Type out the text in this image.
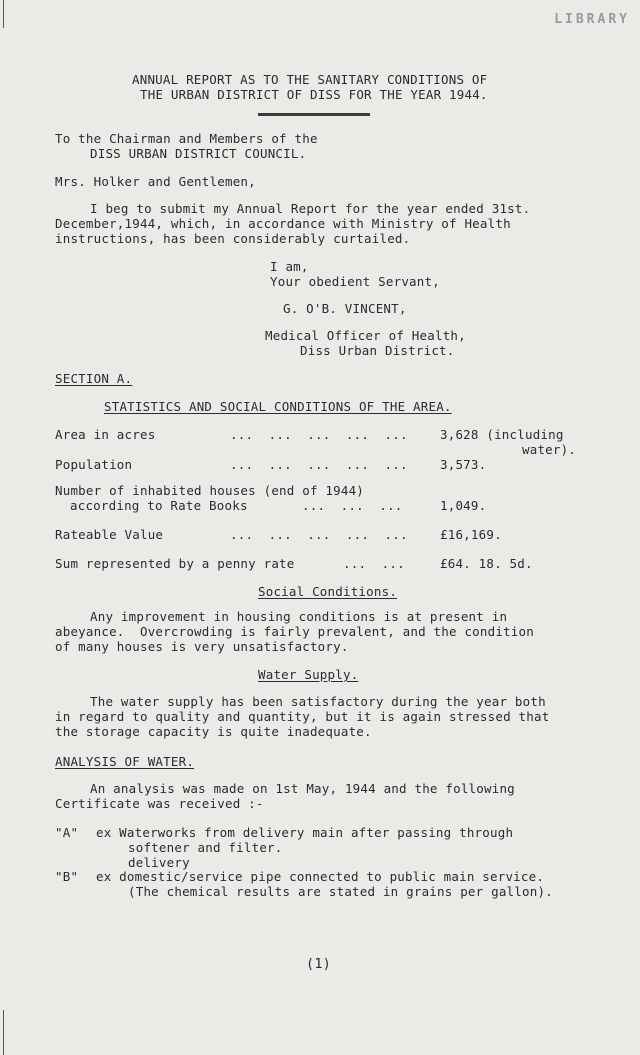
LIBRARY
ANNUAL REPORT AS TO THE SANITARY CONDITIONS OF
THE URBAN DISTRICT OF DISS FOR THE YEAR 1944.
To the Chairman and Members of the
DISS URBAN DISTRICT COUNCIL.
Mrs. Holker and Gentlemen,
I beg to submit my Annual Report for the year ended 31st.
December,1944, which, in accordance with Ministry of Health
instructions, has been considerably curtailed.
I am,
Your obedient Servant,
G. O'B. VINCENT,
Medical Officer of Health,
Diss Urban District.
SECTION A.
STATISTICS AND SOCIAL CONDITIONS OF THE AREA.
Area in acres	...  ...  ...  ...  ...	3,628 (including
water).
Population	...  ...  ...  ...  ...	3,573.
Number of inhabited houses (end of 1944)
according to Rate Books	...  ...  ...	1,049.
Rateable Value	...  ...  ...  ...  ...	£16,169.
Sum represented by a penny rate	...  ...	£64. 18. 5d.
Social Conditions.
Any improvement in housing conditions is at present in
abeyance.  Overcrowding is fairly prevalent, and the condition
of many houses is very unsatisfactory.
Water Supply.
The water supply has been satisfactory during the year both
in regard to quality and quantity, but it is again stressed that
the storage capacity is quite inadequate.
ANALYSIS OF WATER.
An analysis was made on 1st May, 1944 and the following
Certificate was received :-
"A" ex Waterworks from delivery main after passing through
softener and filter.
delivery
"B" ex domestic/service pipe connected to public main service.
(The chemical results are stated in grains per gallon).
(1)
